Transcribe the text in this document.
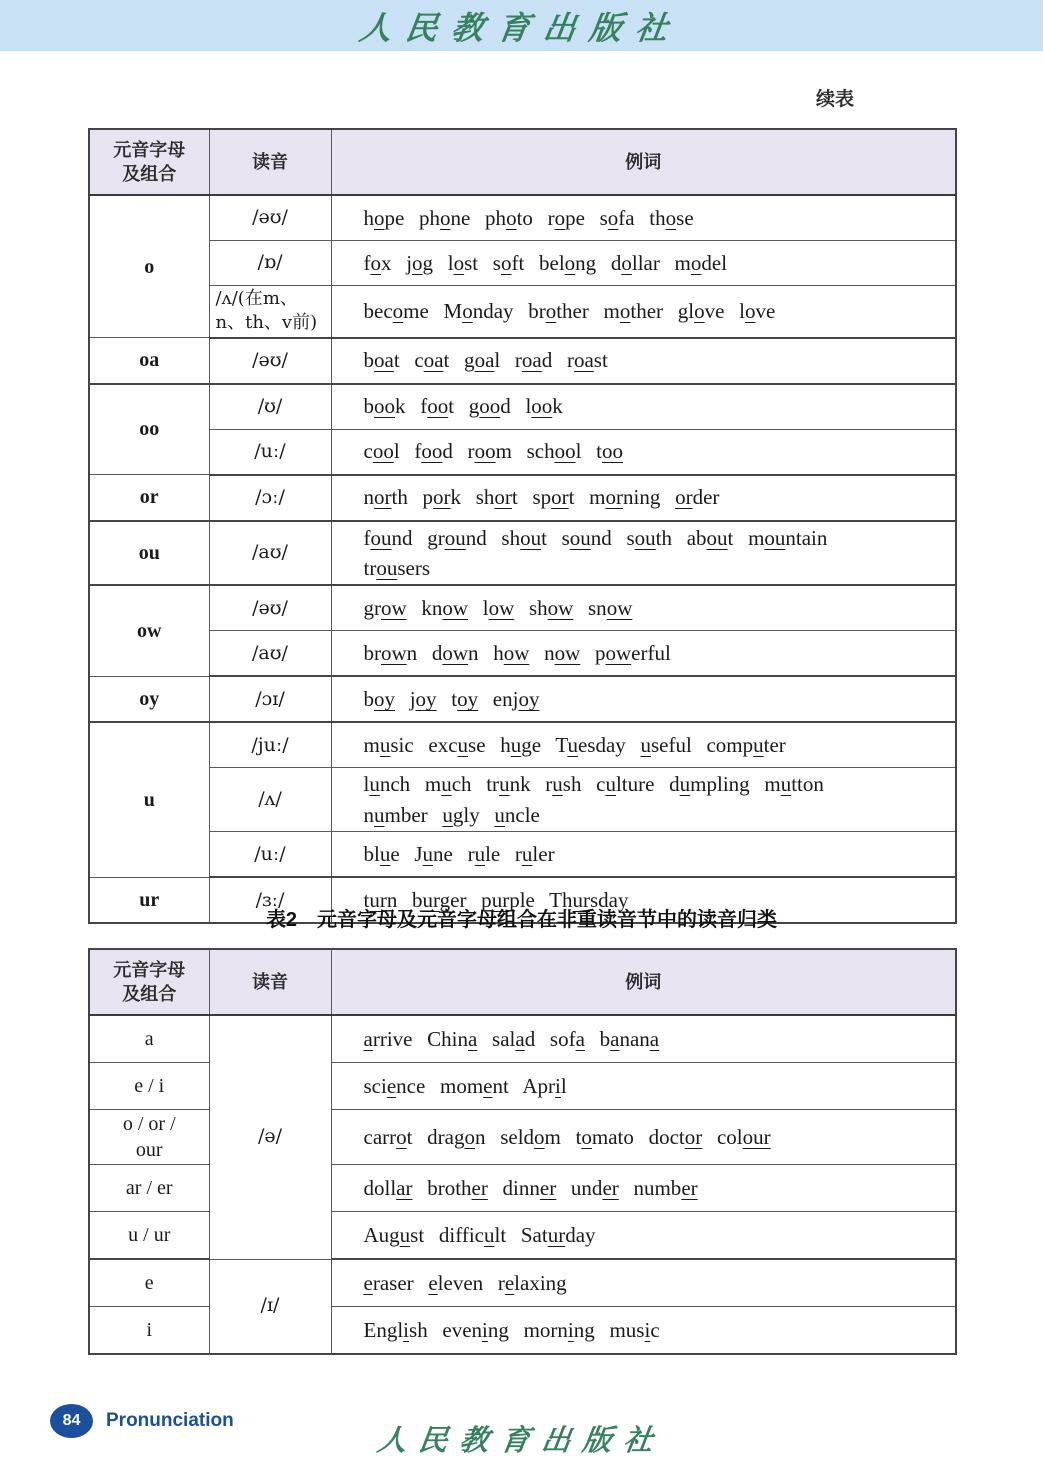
人民教育出版社
续表
元音字母
及组合	读音	例词
o	/əʊ/	hope phone photo rope sofa those
	/ɒ/	fox jog lost soft belong dollar model
	/ʌ/(在m、
n、th、v前)	become Monday brother mother glove love
oa	/əʊ/	boat coat goal road roast
oo	/ʊ/	book foot good look
	/uː/	cool food room school too
or	/ɔː/	north pork short sport morning order
ou	/aʊ/	found ground shout sound south about mountain
trousers
ow	/əʊ/	grow know low show snow
	/aʊ/	brown down how now powerful
oy	/ɔɪ/	boy joy toy enjoy
u	/juː/	music excuse huge Tuesday useful computer
	/ʌ/	lunch much trunk rush culture dumpling mutton
number ugly uncle
	/uː/	blue June rule ruler
ur	/ɜː/	turn burger purple Thursday
表2　元音字母及元音字母组合在非重读音节中的读音归类
元音字母
及组合	读音	例词
a	/ə/	arrive China salad sofa banana
e / i		science moment April
o / or /
our		carrot dragon seldom tomato doctor colour
ar / er		dollar brother dinner under number
u / ur		August difficult Saturday
e	/ɪ/	eraser eleven relaxing
i		English evening morning music
84 Pronunciation
人民教育出版社
